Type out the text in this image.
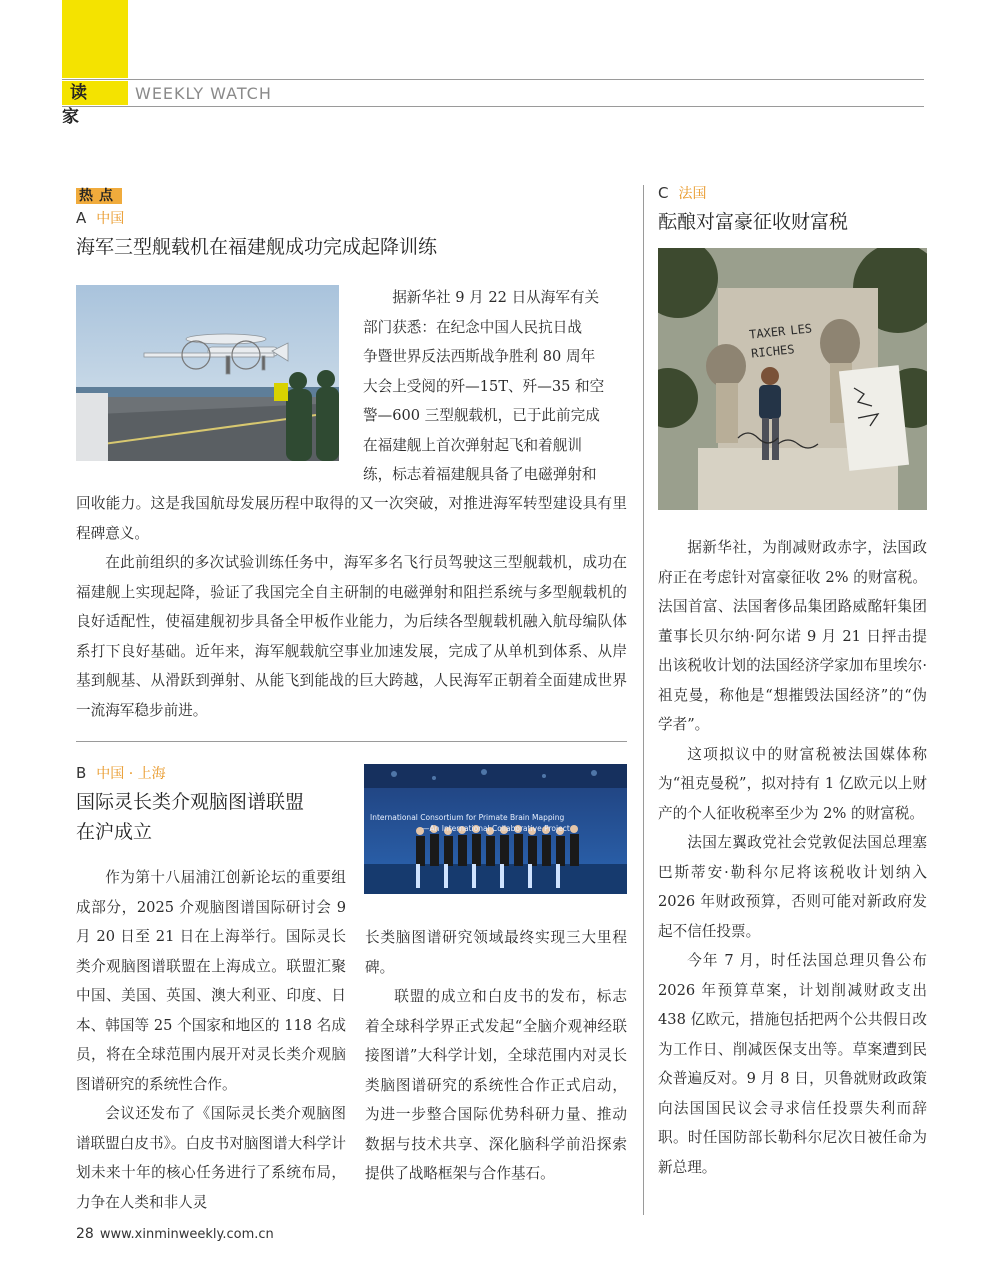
读家
WEEKLY WATCH
热点
A 中国
海军三型舰载机在福建舰成功完成起降训练
据新华社 9 月 22 日从海军有关
部门获悉：在纪念中国人民抗日战
争暨世界反法西斯战争胜利 80 周年
大会上受阅的歼—15T、歼—35 和空
警—600 三型舰载机，已于此前完成
在福建舰上首次弹射起飞和着舰训
练，标志着福建舰具备了电磁弹射和
回收能力。这是我国航母发展历程中取得的又一次突破，对推进海军转型建设具有里程碑意义。

在此前组织的多次试验训练任务中，海军多名飞行员驾驶这三型舰载机，成功在福建舰上实现起降，验证了我国完全自主研制的电磁弹射和阻拦系统与多型舰载机的良好适配性，使福建舰初步具备全甲板作业能力，为后续各型舰载机融入航母编队体系打下良好基础。近年来，海军舰载航空事业加速发展，完成了从单机到体系、从岸基到舰基、从滑跃到弹射、从能飞到能战的巨大跨越，人民海军正朝着全面建成世界一流海军稳步前进。

B 中国 · 上海
国际灵长类介观脑图谱联盟
在沪成立
International Consortium for Primate Brain Mapping
—An International Collaborative Project

作为第十八届浦江创新论坛的重要组成部分，2025 介观脑图谱国际研讨会 9 月 20 日至 21 日在上海举行。国际灵长类介观脑图谱联盟在上海成立。联盟汇聚中国、美国、英国、澳大利亚、印度、日本、韩国等 25 个国家和地区的 118 名成员，将在全球范围内展开对灵长类介观脑图谱研究的系统性合作。

会议还发布了《国际灵长类介观脑图谱联盟白皮书》。白皮书对脑图谱大科学计划未来十年的核心任务进行了系统布局，力争在人类和非人灵

长类脑图谱研究领域最终实现三大里程碑。

联盟的成立和白皮书的发布，标志着全球科学界正式发起“全脑介观神经联接图谱”大科学计划，全球范围内对灵长类脑图谱研究的系统性合作正式启动，为进一步整合国际优势科研力量、推动数据与技术共享、深化脑科学前沿探索提供了战略框架与合作基石。

C 法国
酝酿对富豪征收财富税
TAXER LES RICHES

据新华社，为削减财政赤字，法国政府正在考虑针对富豪征收 2% 的财富税。法国首富、法国奢侈品集团路威酩轩集团董事长贝尔纳·阿尔诺 9 月 21 日抨击提出该税收计划的法国经济学家加布里埃尔·祖克曼，称他是“想摧毁法国经济”的“伪学者”。

这项拟议中的财富税被法国媒体称为“祖克曼税”，拟对持有 1 亿欧元以上财产的个人征收税率至少为 2% 的财富税。

法国左翼政党社会党敦促法国总理塞巴斯蒂安·勒科尔尼将该税收计划纳入 2026 年财政预算，否则可能对新政府发起不信任投票。

今年 7 月，时任法国总理贝鲁公布 2026 年预算草案，计划削减财政支出 438 亿欧元，措施包括把两个公共假日改为工作日、削减医保支出等。草案遭到民众普遍反对。9 月 8 日，贝鲁就财政政策向法国国民议会寻求信任投票失利而辞职。时任国防部长勒科尔尼次日被任命为新总理。

28 www.xinminweekly.com.cn
